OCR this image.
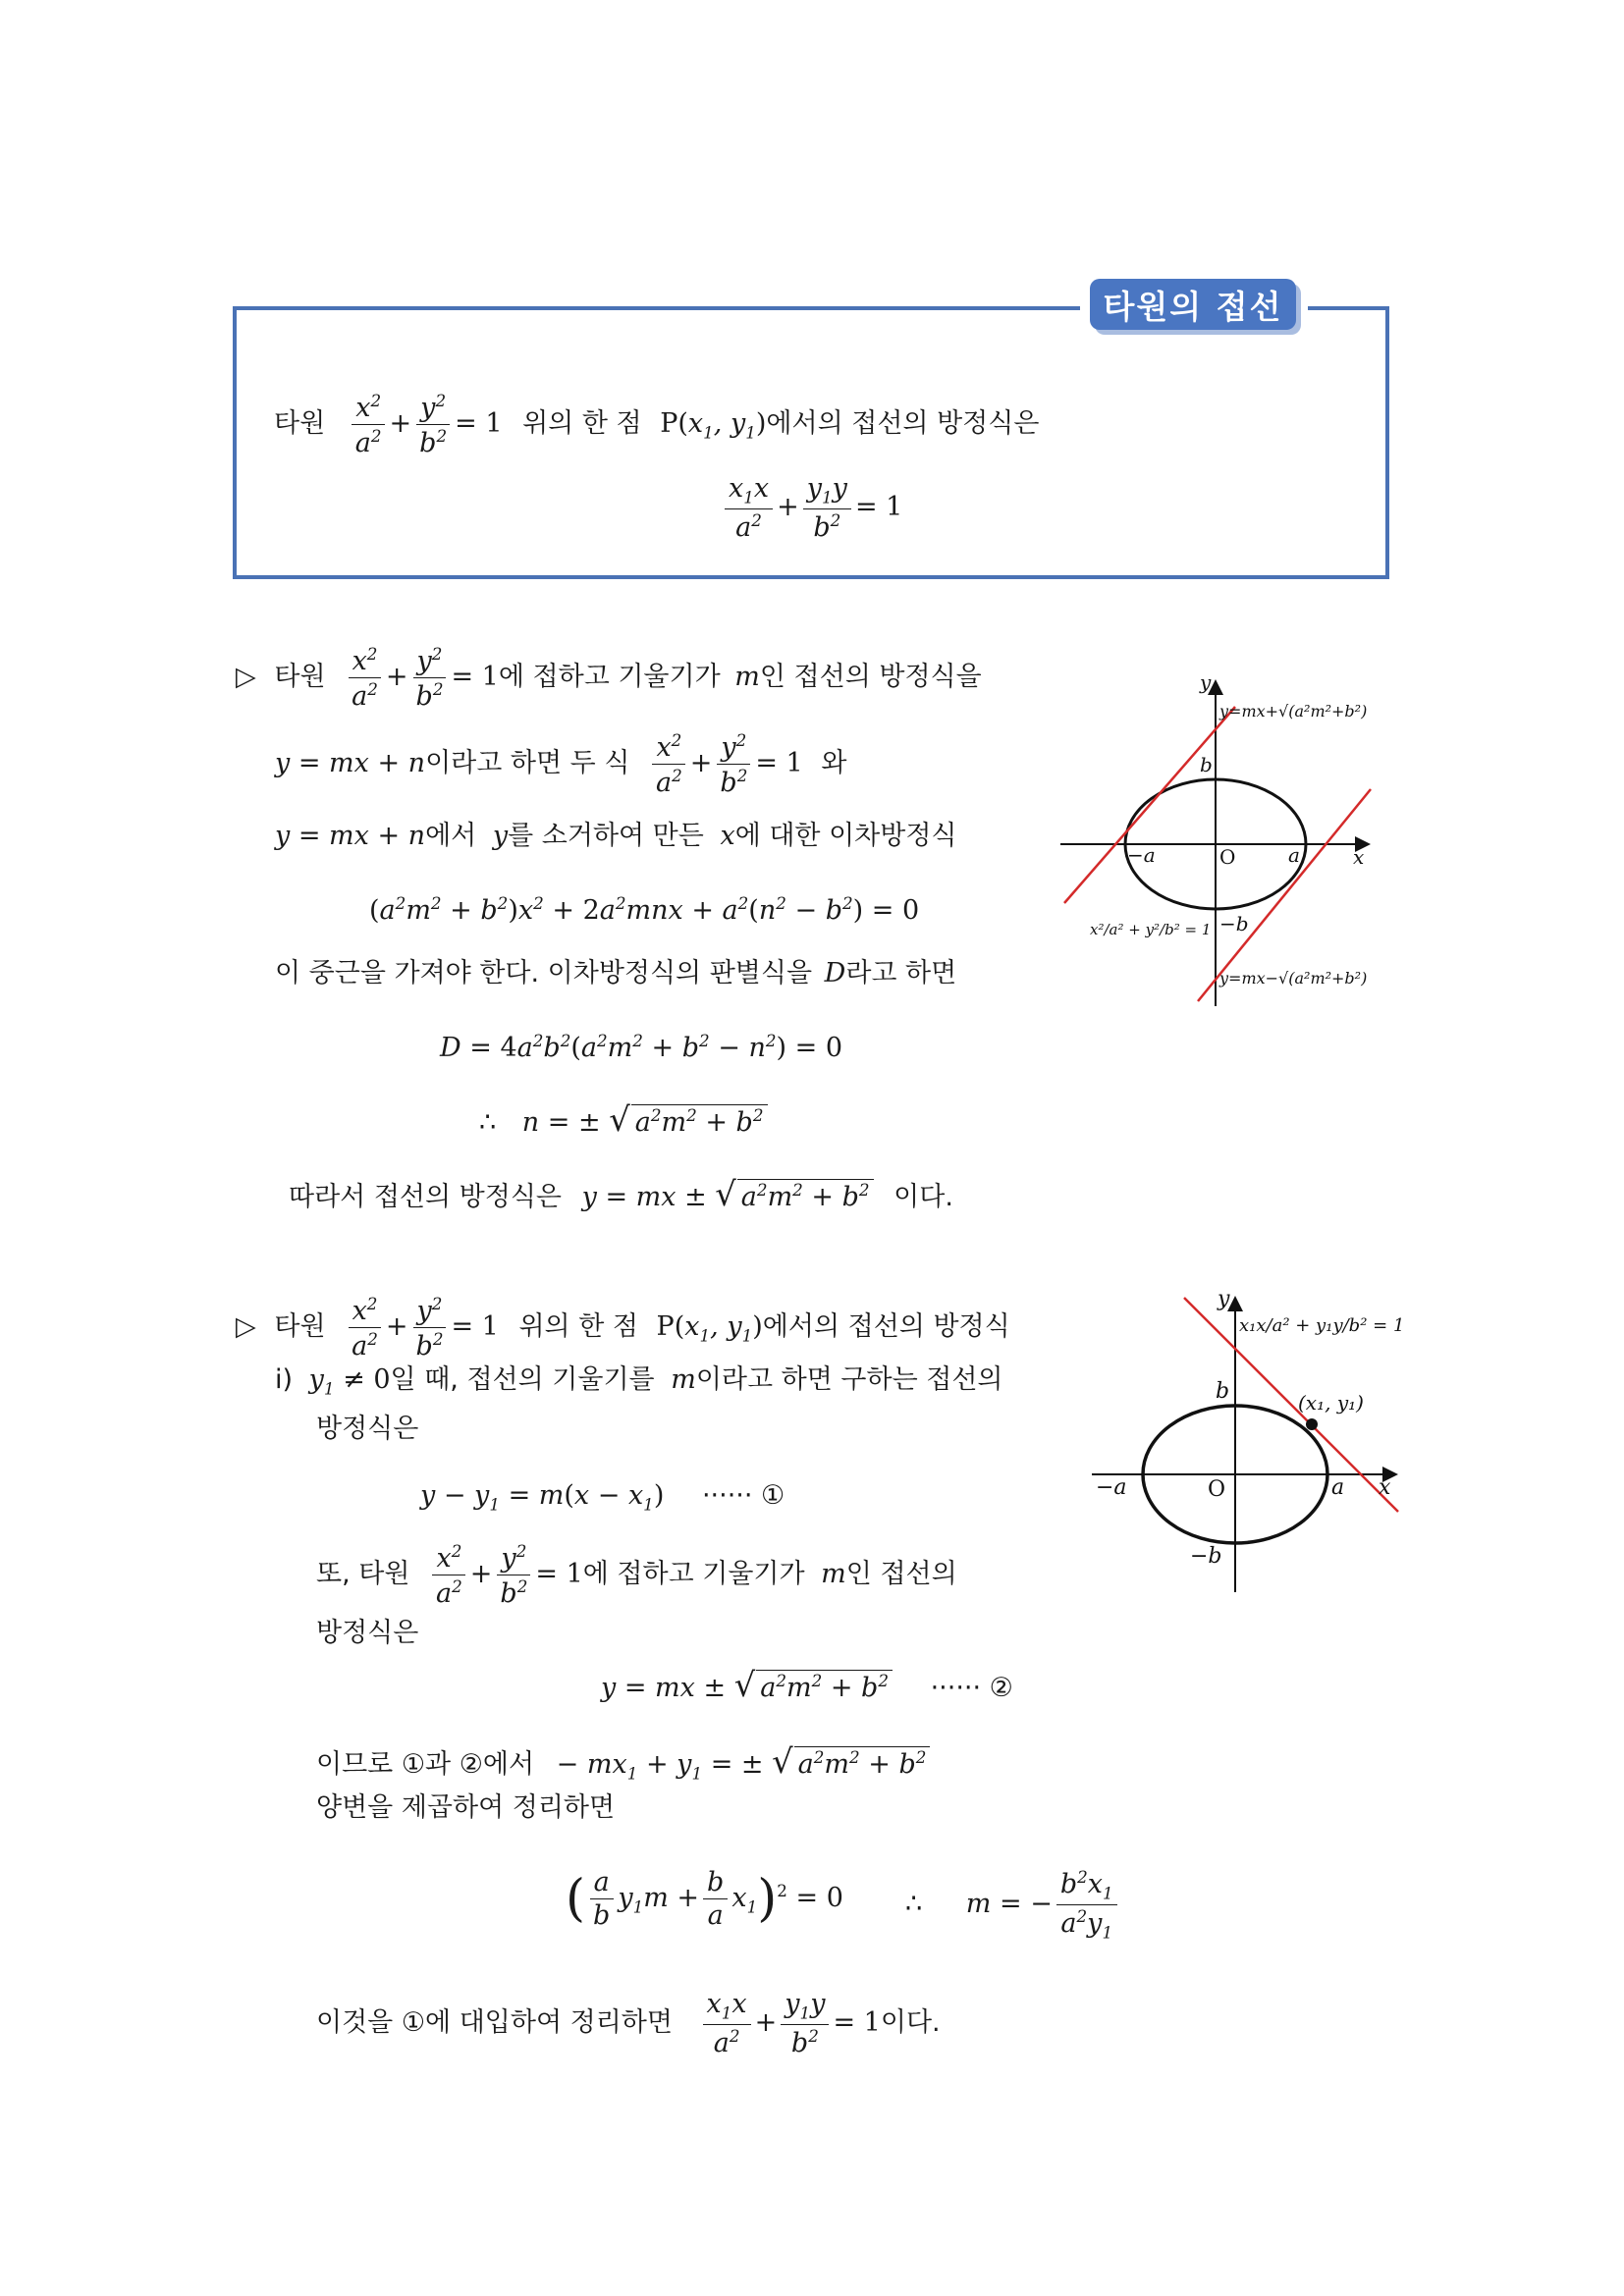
타원의 접선
타원 $\frac{x^2}{a^2} + \frac{y^2}{b^2} = 1$ 위의 한 점 $P(x_1$, $y_1$)에서의 접선의 방정식은
$\frac{x_1x}{a^2} + \frac{y_1y}{b^2} = 1$
▷ 타원 $\frac{x^2}{a^2} + \frac{y^2}{b^2} = 1$에 접하고 기울기가 m인 접선의 방정식을
y = mx + n이라고 하면 두 식 $\frac{x^2}{a^2} + \frac{y^2}{b^2} = 1$ 와
y = mx + n에서 y를 소거하여 만든 x에 대한 이차방정식
$(a^2m^2 + b^2)x^2 + 2a^2mnx + a^2(n^2 - b^2) = 0$
이 중근을 가져야 한다. 이차방정식의 판별식을 D라고 하면
$D = 4a^2b^2(a^2m^2 + b^2 - n^2) = 0$
∴ n = ± √ $a^2m^2 + b^2$
따라서 접선의 방정식은 y = mx ± √ $a^2m^2 + b^2$ 이다.
y
x
O
−a	a
b
−b
y=mx+√(a²m²+b²)
y=mx−√(a²m²+b²)
x²/a² + y²/b² = 1
▷ 타원 $\frac{x^2}{a^2} + \frac{y^2}{b^2} = 1$ 위의 한 점 $P(x_1$, $y_1$)에서의 접선의 방정식
i) $y_1 \ne 0$일 때, 접선의 기울기를 m이라고 하면 구하는 접선의
방정식은
$y - y_1 = m(x - x_1)$ ······ ①
또, 타원 $\frac{x^2}{a^2} + \frac{y^2}{b^2} = 1$에 접하고 기울기가 m인 접선의
방정식은
y = mx ± √ $a^2m^2 + b^2$ ······ ②
이므로 ①과 ②에서 − $mx_1 + y_1$ = ± √ $a^2m^2 + b^2$
양변을 제곱하여 정리하면
( $\frac{a}{b} y_1m + \frac{b}{a} x_1)^2 = 0$ ∴ m = − $\frac{b^2x_1}{a^2y_1}$
이것을 ①에 대입하여 정리하면 $\frac{x_1x}{a^2} + \frac{y_1y}{b^2} = 1$이다.
y
x
O
−a	a
b
−b
x₁x/a² + y₁y/b² = 1
(x₁, y₁)
